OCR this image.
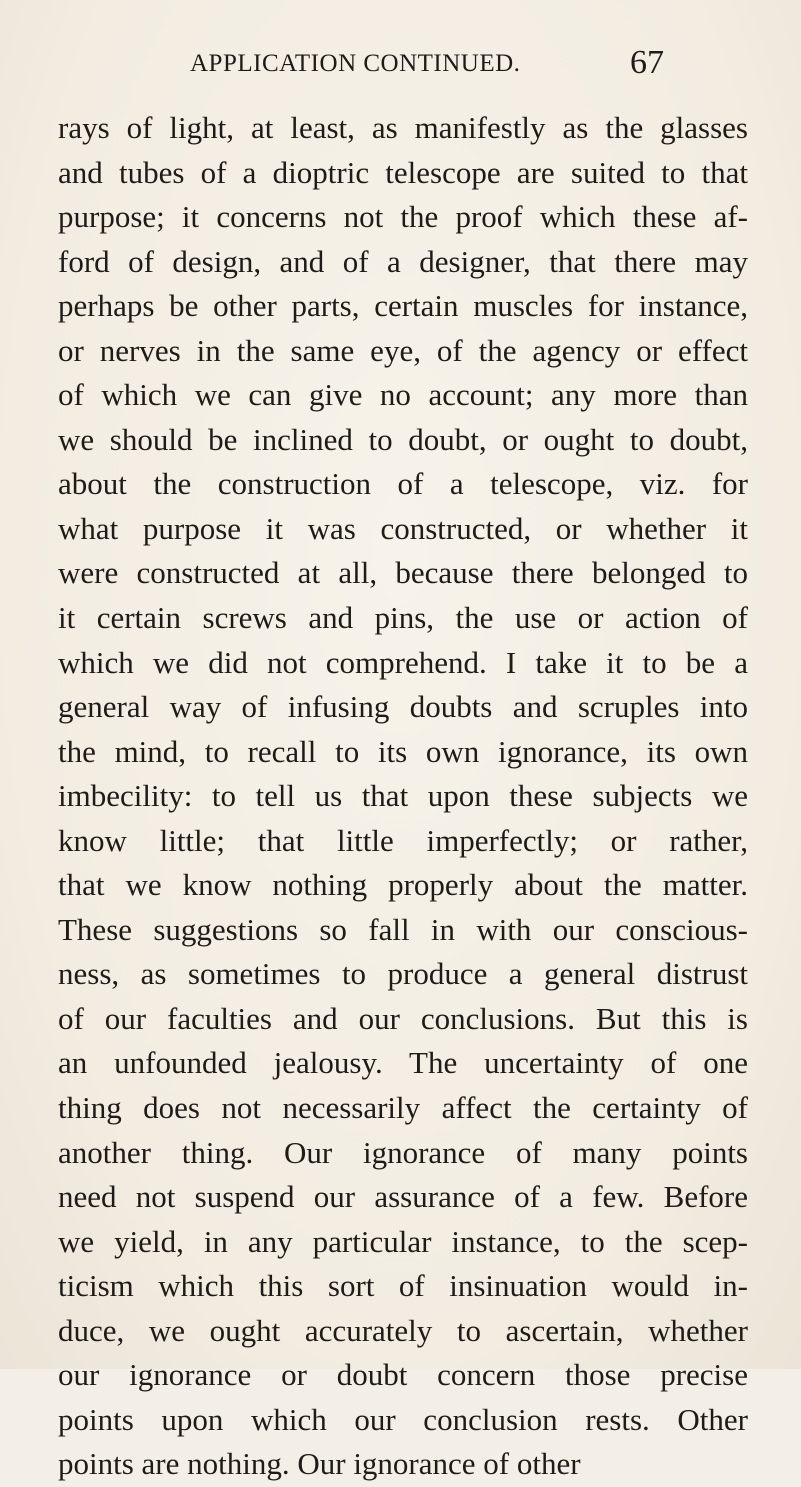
APPLICATION CONTINUED.	67
rays of light, at least, as manifestly as the glasses
and tubes of a dioptric telescope are suited to that
purpose; it concerns not the proof which these af-
ford of design, and of a designer, that there may
perhaps be other parts, certain muscles for instance,
or nerves in the same eye, of the agency or effect
of which we can give no account; any more than
we should be inclined to doubt, or ought to doubt,
about the construction of a telescope, viz. for
what purpose it was constructed, or whether it
were constructed at all, because there belonged to
it certain screws and pins, the use or action of
which we did not comprehend. I take it to be a
general way of infusing doubts and scruples into
the mind, to recall to its own ignorance, its own
imbecility: to tell us that upon these subjects we
know little; that little imperfectly; or rather,
that we know nothing properly about the matter.
These suggestions so fall in with our conscious-
ness, as sometimes to produce a general distrust
of our faculties and our conclusions. But this is
an unfounded jealousy. The uncertainty of one
thing does not necessarily affect the certainty of
another thing. Our ignorance of many points
need not suspend our assurance of a few. Before
we yield, in any particular instance, to the scep-
ticism which this sort of insinuation would in-
duce, we ought accurately to ascertain, whether
our ignorance or doubt concern those precise
points upon which our conclusion rests. Other
points are nothing. Our ignorance of other
